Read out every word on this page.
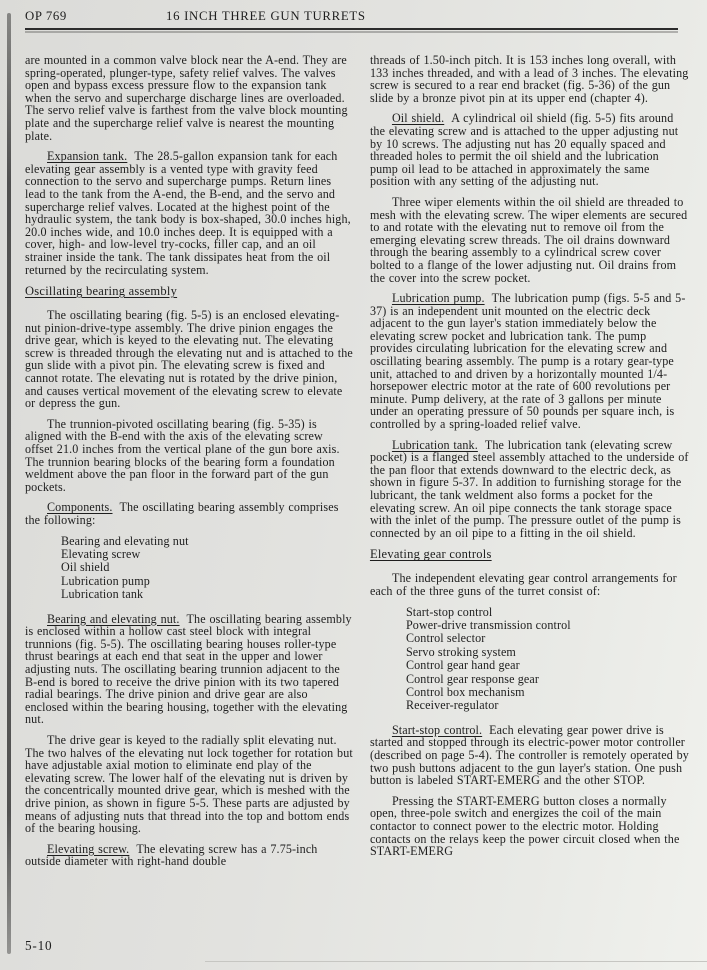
OP 769	16 INCH THREE GUN TURRETS

are mounted in a common valve block near the A-end. They are spring-operated, plunger-type, safety relief valves. The valves open and bypass excess pressure flow to the expansion tank when the servo and supercharge discharge lines are overloaded. The servo relief valve is farthest from the valve block mounting plate and the supercharge relief valve is nearest the mounting plate.

Expansion tank. The 28.5-gallon expansion tank for each elevating gear assembly is a vented type with gravity feed connection to the servo and supercharge pumps. Return lines lead to the tank from the A-end, the B-end, and the servo and supercharge relief valves. Located at the highest point of the hydraulic system, the tank body is box-shaped, 30.0 inches high, 20.0 inches wide, and 10.0 inches deep. It is equipped with a cover, high- and low-level try-cocks, filler cap, and an oil strainer inside the tank. The tank dissipates heat from the oil returned by the recirculating system.

Oscillating bearing assembly

The oscillating bearing (fig. 5-5) is an enclosed elevating-nut pinion-drive-type assembly. The drive pinion engages the drive gear, which is keyed to the elevating nut. The elevating screw is threaded through the elevating nut and is attached to the gun slide with a pivot pin. The elevating screw is fixed and cannot rotate. The elevating nut is rotated by the drive pinion, and causes vertical movement of the elevating screw to elevate or depress the gun.

The trunnion-pivoted oscillating bearing (fig. 5-35) is aligned with the B-end with the axis of the elevating screw offset 21.0 inches from the vertical plane of the gun bore axis. The trunnion bearing blocks of the bearing form a foundation weldment above the pan floor in the forward part of the gun pockets.

Components. The oscillating bearing assembly comprises the following:

Bearing and elevating nut
Elevating screw
Oil shield
Lubrication pump
Lubrication tank

Bearing and elevating nut. The oscillating bearing assembly is enclosed within a hollow cast steel block with integral trunnions (fig. 5-5). The oscillating bearing houses roller-type thrust bearings at each end that seat in the upper and lower adjusting nuts. The oscillating bearing trunnion adjacent to the B-end is bored to receive the drive pinion with its two tapered radial bearings. The drive pinion and drive gear are also enclosed within the bearing housing, together with the elevating nut.

The drive gear is keyed to the radially split elevating nut. The two halves of the elevating nut lock together for rotation but have adjustable axial motion to eliminate end play of the elevating screw. The lower half of the elevating nut is driven by the concentrically mounted drive gear, which is meshed with the drive pinion, as shown in figure 5-5. These parts are adjusted by means of adjusting nuts that thread into the top and bottom ends of the bearing housing.

Elevating screw. The elevating screw has a 7.75-inch outside diameter with right-hand double

threads of 1.50-inch pitch. It is 153 inches long overall, with 133 inches threaded, and with a lead of 3 inches. The elevating screw is secured to a rear end bracket (fig. 5-36) of the gun slide by a bronze pivot pin at its upper end (chapter 4).

Oil shield. A cylindrical oil shield (fig. 5-5) fits around the elevating screw and is attached to the upper adjusting nut by 10 screws. The adjusting nut has 20 equally spaced and threaded holes to permit the oil shield and the lubrication pump oil lead to be attached in approximately the same position with any setting of the adjusting nut.

Three wiper elements within the oil shield are threaded to mesh with the elevating screw. The wiper elements are secured to and rotate with the elevating nut to remove oil from the emerging elevating screw threads. The oil drains downward through the bearing assembly to a cylindrical screw cover bolted to a flange of the lower adjusting nut. Oil drains from the cover into the screw pocket.

Lubrication pump. The lubrication pump (figs. 5-5 and 5-37) is an independent unit mounted on the electric deck adjacent to the gun layer's station immediately below the elevating screw pocket and lubrication tank. The pump provides circulating lubrication for the elevating screw and oscillating bearing assembly. The pump is a rotary gear-type unit, attached to and driven by a horizontally mounted 1/4-horsepower electric motor at the rate of 600 revolutions per minute. Pump delivery, at the rate of 3 gallons per minute under an operating pressure of 50 pounds per square inch, is controlled by a spring-loaded relief valve.

Lubrication tank. The lubrication tank (elevating screw pocket) is a flanged steel assembly attached to the underside of the pan floor that extends downward to the electric deck, as shown in figure 5-37. In addition to furnishing storage for the lubricant, the tank weldment also forms a pocket for the elevating screw. An oil pipe connects the tank storage space with the inlet of the pump. The pressure outlet of the pump is connected by an oil pipe to a fitting in the oil shield.

Elevating gear controls

The independent elevating gear control arrangements for each of the three guns of the turret consist of:

Start-stop control
Power-drive transmission control
Control selector
Servo stroking system
Control gear hand gear
Control gear response gear
Control box mechanism
Receiver-regulator

Start-stop control. Each elevating gear power drive is started and stopped through its electric-power motor controller (described on page 5-4). The controller is remotely operated by two push buttons adjacent to the gun layer's station. One push button is labeled START-EMERG and the other STOP.

Pressing the START-EMERG button closes a normally open, three-pole switch and energizes the coil of the main contactor to connect power to the electric motor. Holding contacts on the relays keep the power circuit closed when the START-EMERG

5-10
